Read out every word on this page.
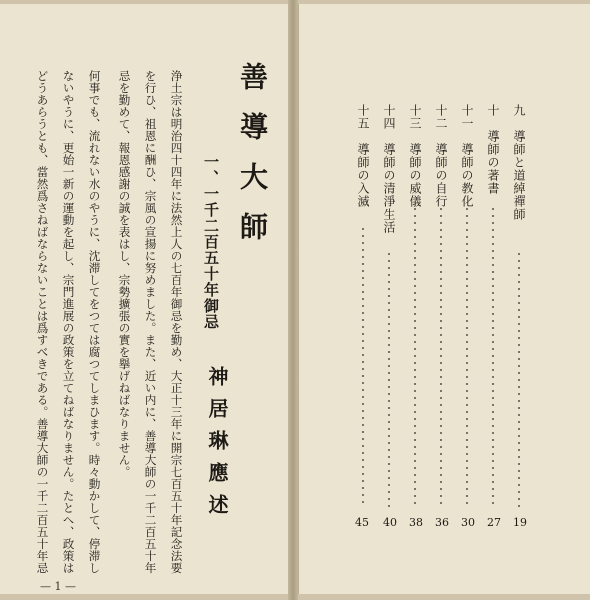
善導大師
一、一千二百五十年御忌
神居琳應述
浄土宗は明治四十四年に法然上人の七百年御忌を勤め、大正十三年に開宗七百五十年記念法要
を行ひ、祖恩に酬ひ、宗風の宣揚に努めました。また、近い内に、善導大師の一千二百五十年
忌を勤めて、報恩感謝の誠を表はし、宗勢擴張の實を擧げねばなりません。
何事でも、流れない水のやうに、沈滞してをつては腐つてしまひます。時々動かして、停滞し
ないやうに、更始一新の運動を起し、宗門進展の政策を立てねばなりません。たとへ、政策は
どうあらうとも、當然爲さねばならないことは爲すべきである。善導大師の一千二百五十年忌
— 1 —
九　導師と道綽禪師
十　導師の著書
十一　導師の教化
十二　導師の自行
十三　導師の威儀
十四　導師の清淨生活
十五　導師の入滅
19
27
30
36
38
40
45
